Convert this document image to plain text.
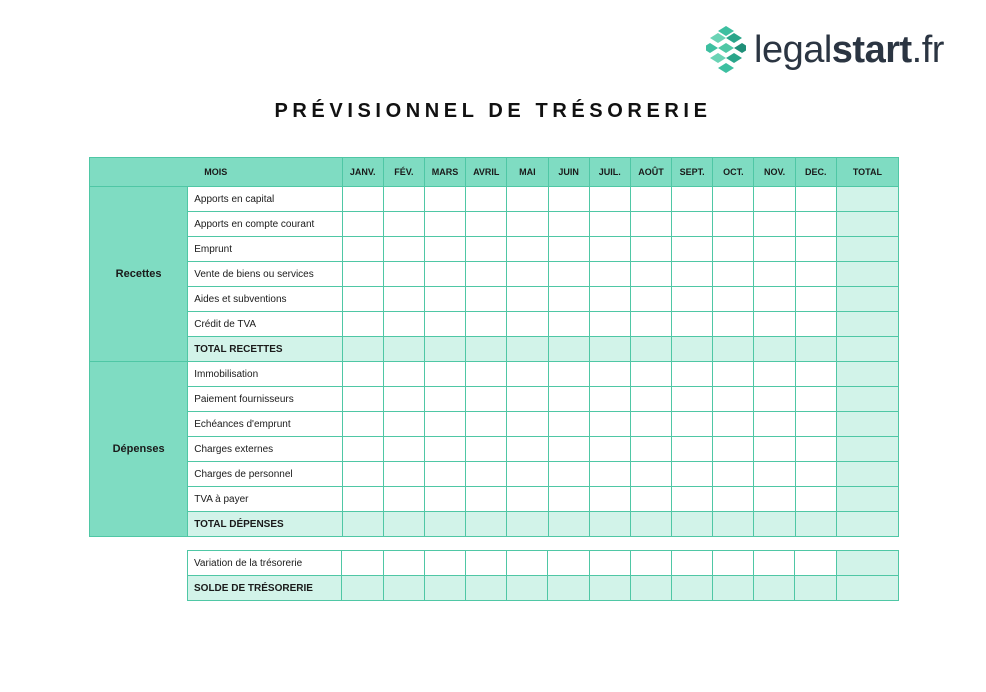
legalstart.fr
PRÉVISIONNEL DE TRÉSORERIE
MOIS		JANV.	FÉV.	MARS	AVRIL	MAI	JUIN	JUIL.	AOÛT	SEPT.	OCT.	NOV.	DEC.	TOTAL
Recettes	Apports en capital													
	Apports en compte courant													
	Emprunt													
	Vente de biens ou services													
	Aides et subventions													
	Crédit de TVA													
	TOTAL RECETTES													
Dépenses	Immobilisation													
	Paiement fournisseurs													
	Echéances d'emprunt													
	Charges externes													
	Charges de personnel													
	TVA à payer													
	TOTAL DÉPENSES													
Variation de la trésorerie													
SOLDE DE TRÉSORERIE													
